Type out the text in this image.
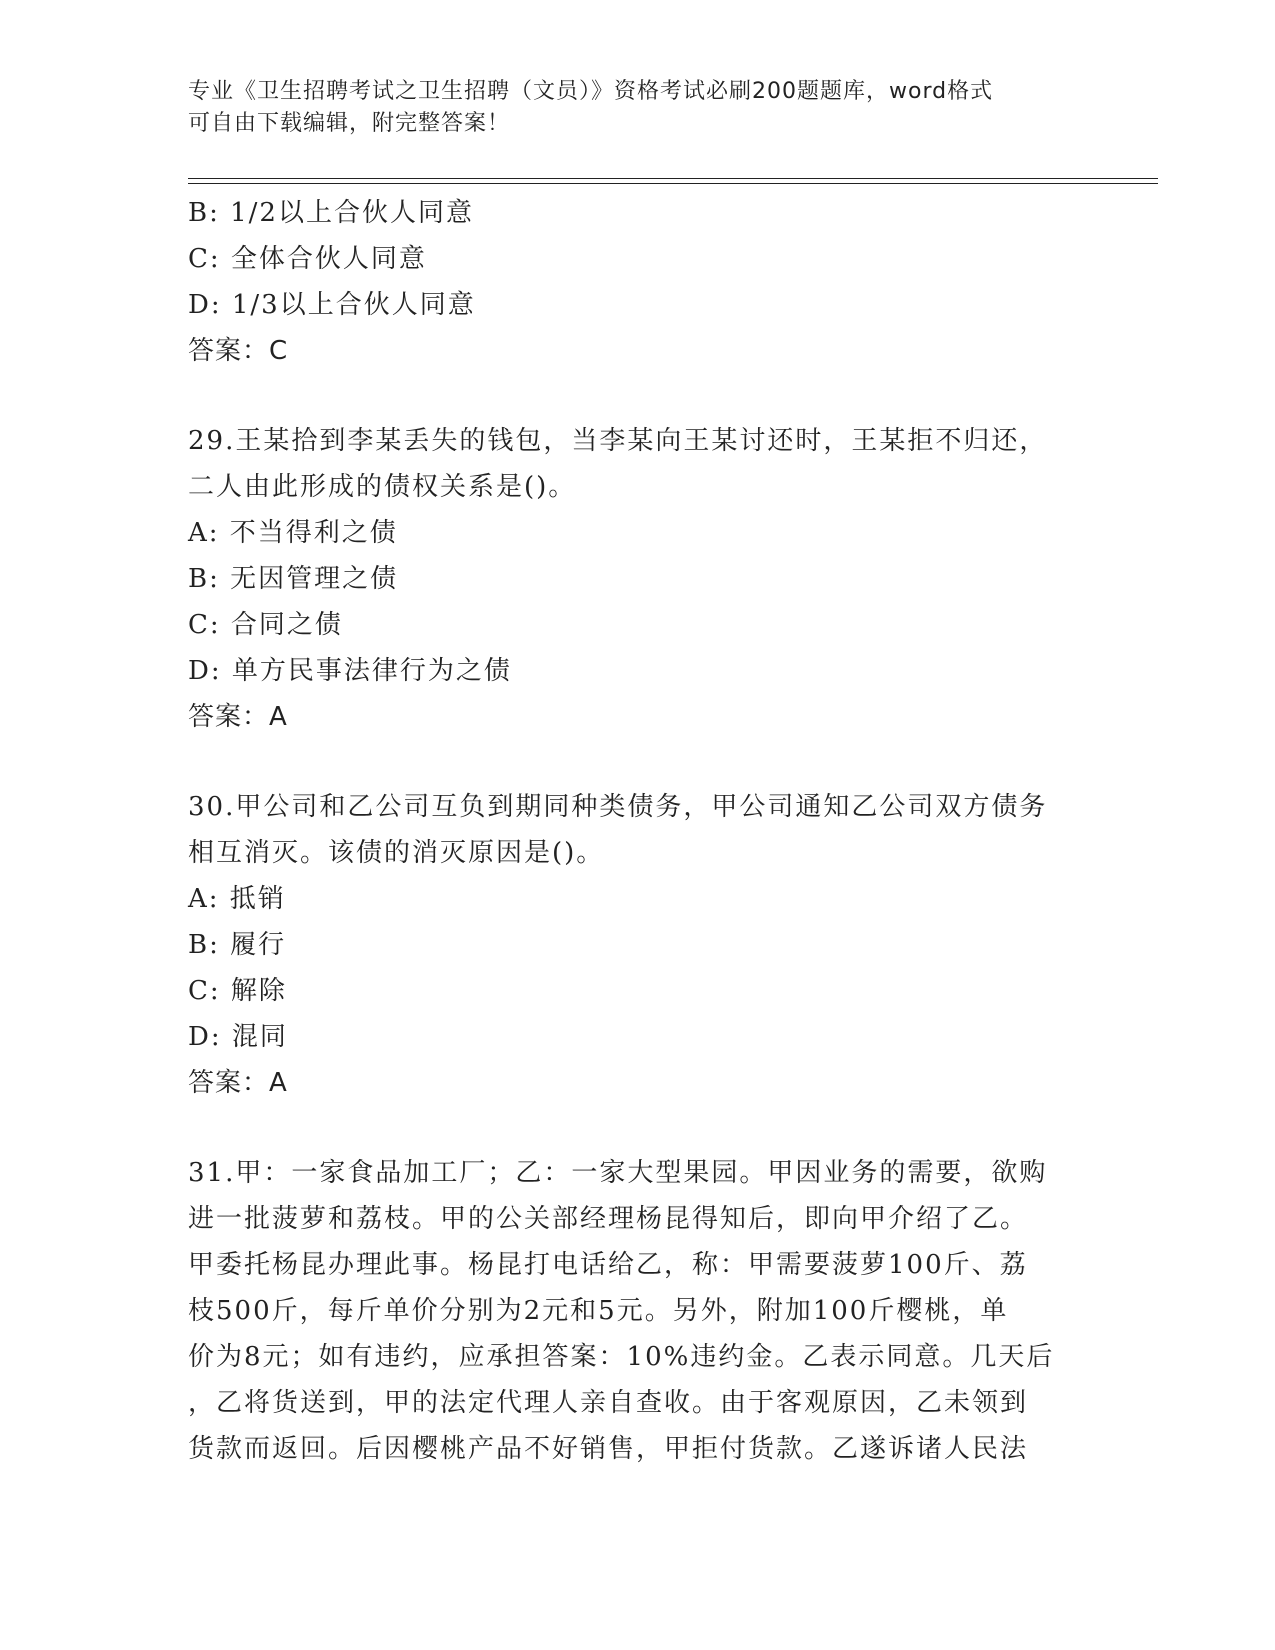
专业《卫生招聘考试之卫生招聘（文员）》资格考试必刷200题题库，word格式
可自由下载编辑，附完整答案！
B: 1/2以上合伙人同意
C: 全体合伙人同意
D: 1/3以上合伙人同意
答案：C
29.王某拾到李某丢失的钱包，当李某向王某讨还时，王某拒不归还，
二人由此形成的债权关系是()。
A: 不当得利之债
B: 无因管理之债
C: 合同之债
D: 单方民事法律行为之债
答案：A
30.甲公司和乙公司互负到期同种类债务，甲公司通知乙公司双方债务
相互消灭。该债的消灭原因是()。
A: 抵销
B: 履行
C: 解除
D: 混同
答案：A
31.甲：一家食品加工厂；乙：一家大型果园。甲因业务的需要，欲购
进一批菠萝和荔枝。甲的公关部经理杨昆得知后，即向甲介绍了乙。
甲委托杨昆办理此事。杨昆打电话给乙，称：甲需要菠萝100斤、荔
枝500斤，每斤单价分别为2元和5元。另外，附加100斤樱桃，单
价为8元；如有违约，应承担答案：10%违约金。乙表示同意。几天后
，乙将货送到，甲的法定代理人亲自查收。由于客观原因，乙未领到
货款而返回。后因樱桃产品不好销售，甲拒付货款。乙遂诉诸人民法
